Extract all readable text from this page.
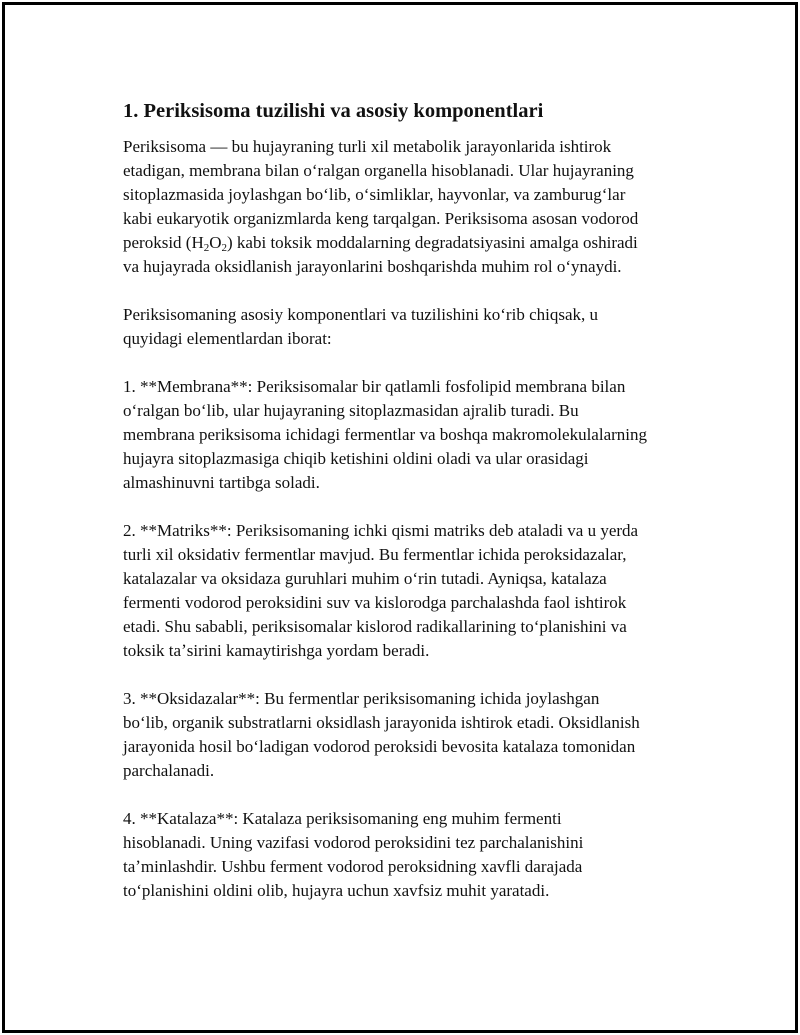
1. Periksisoma tuzilishi va asosiy komponentlari

Periksisoma — bu hujayraning turli xil metabolik jarayonlarida ishtirok
etadigan, membrana bilan oʻralgan organella hisoblanadi. Ular hujayraning
sitoplazmasida joylashgan boʻlib, oʻsimliklar, hayvonlar, va zamburugʻlar
kabi eukaryotik organizmlarda keng tarqalgan. Periksisoma asosan vodorod
peroksid $(H_2O_2)$ kabi toksik moddalarning degradatsiyasini amalga oshiradi
va hujayrada oksidlanish jarayonlarini boshqarishda muhim rol oʻynaydi.

Periksisomaning asosiy komponentlari va tuzilishini koʻrib chiqsak, u
quyidagi elementlardan iborat:

1. **Membrana**: Periksisomalar bir qatlamli fosfolipid membrana bilan
oʻralgan boʻlib, ular hujayraning sitoplazmasidan ajralib turadi. Bu
membrana periksisoma ichidagi fermentlar va boshqa makromolekulalarning
hujayra sitoplazmasiga chiqib ketishini oldini oladi va ular orasidagi
almashinuvni tartibga soladi.

2. **Matriks**: Periksisomaning ichki qismi matriks deb ataladi va u yerda
turli xil oksidativ fermentlar mavjud. Bu fermentlar ichida peroksidazalar,
katalazalar va oksidaza guruhlari muhim oʻrin tutadi. Ayniqsa, katalaza
fermenti vodorod peroksidini suv va kislorodga parchalashda faol ishtirok
etadi. Shu sababli, periksisomalar kislorod radikallarining toʻplanishini va
toksik taʼsirini kamaytirishga yordam beradi.

3. **Oksidazalar**: Bu fermentlar periksisomaning ichida joylashgan
boʻlib, organik substratlarni oksidlash jarayonida ishtirok etadi. Oksidlanish
jarayonida hosil boʻladigan vodorod peroksidi bevosita katalaza tomonidan
parchalanadi.

4. **Katalaza**: Katalaza periksisomaning eng muhim fermenti
hisoblanadi. Uning vazifasi vodorod peroksidini tez parchalanishini
taʼminlashdir. Ushbu ferment vodorod peroksidning xavfli darajada
toʻplanishini oldini olib, hujayra uchun xavfsiz muhit yaratadi.
